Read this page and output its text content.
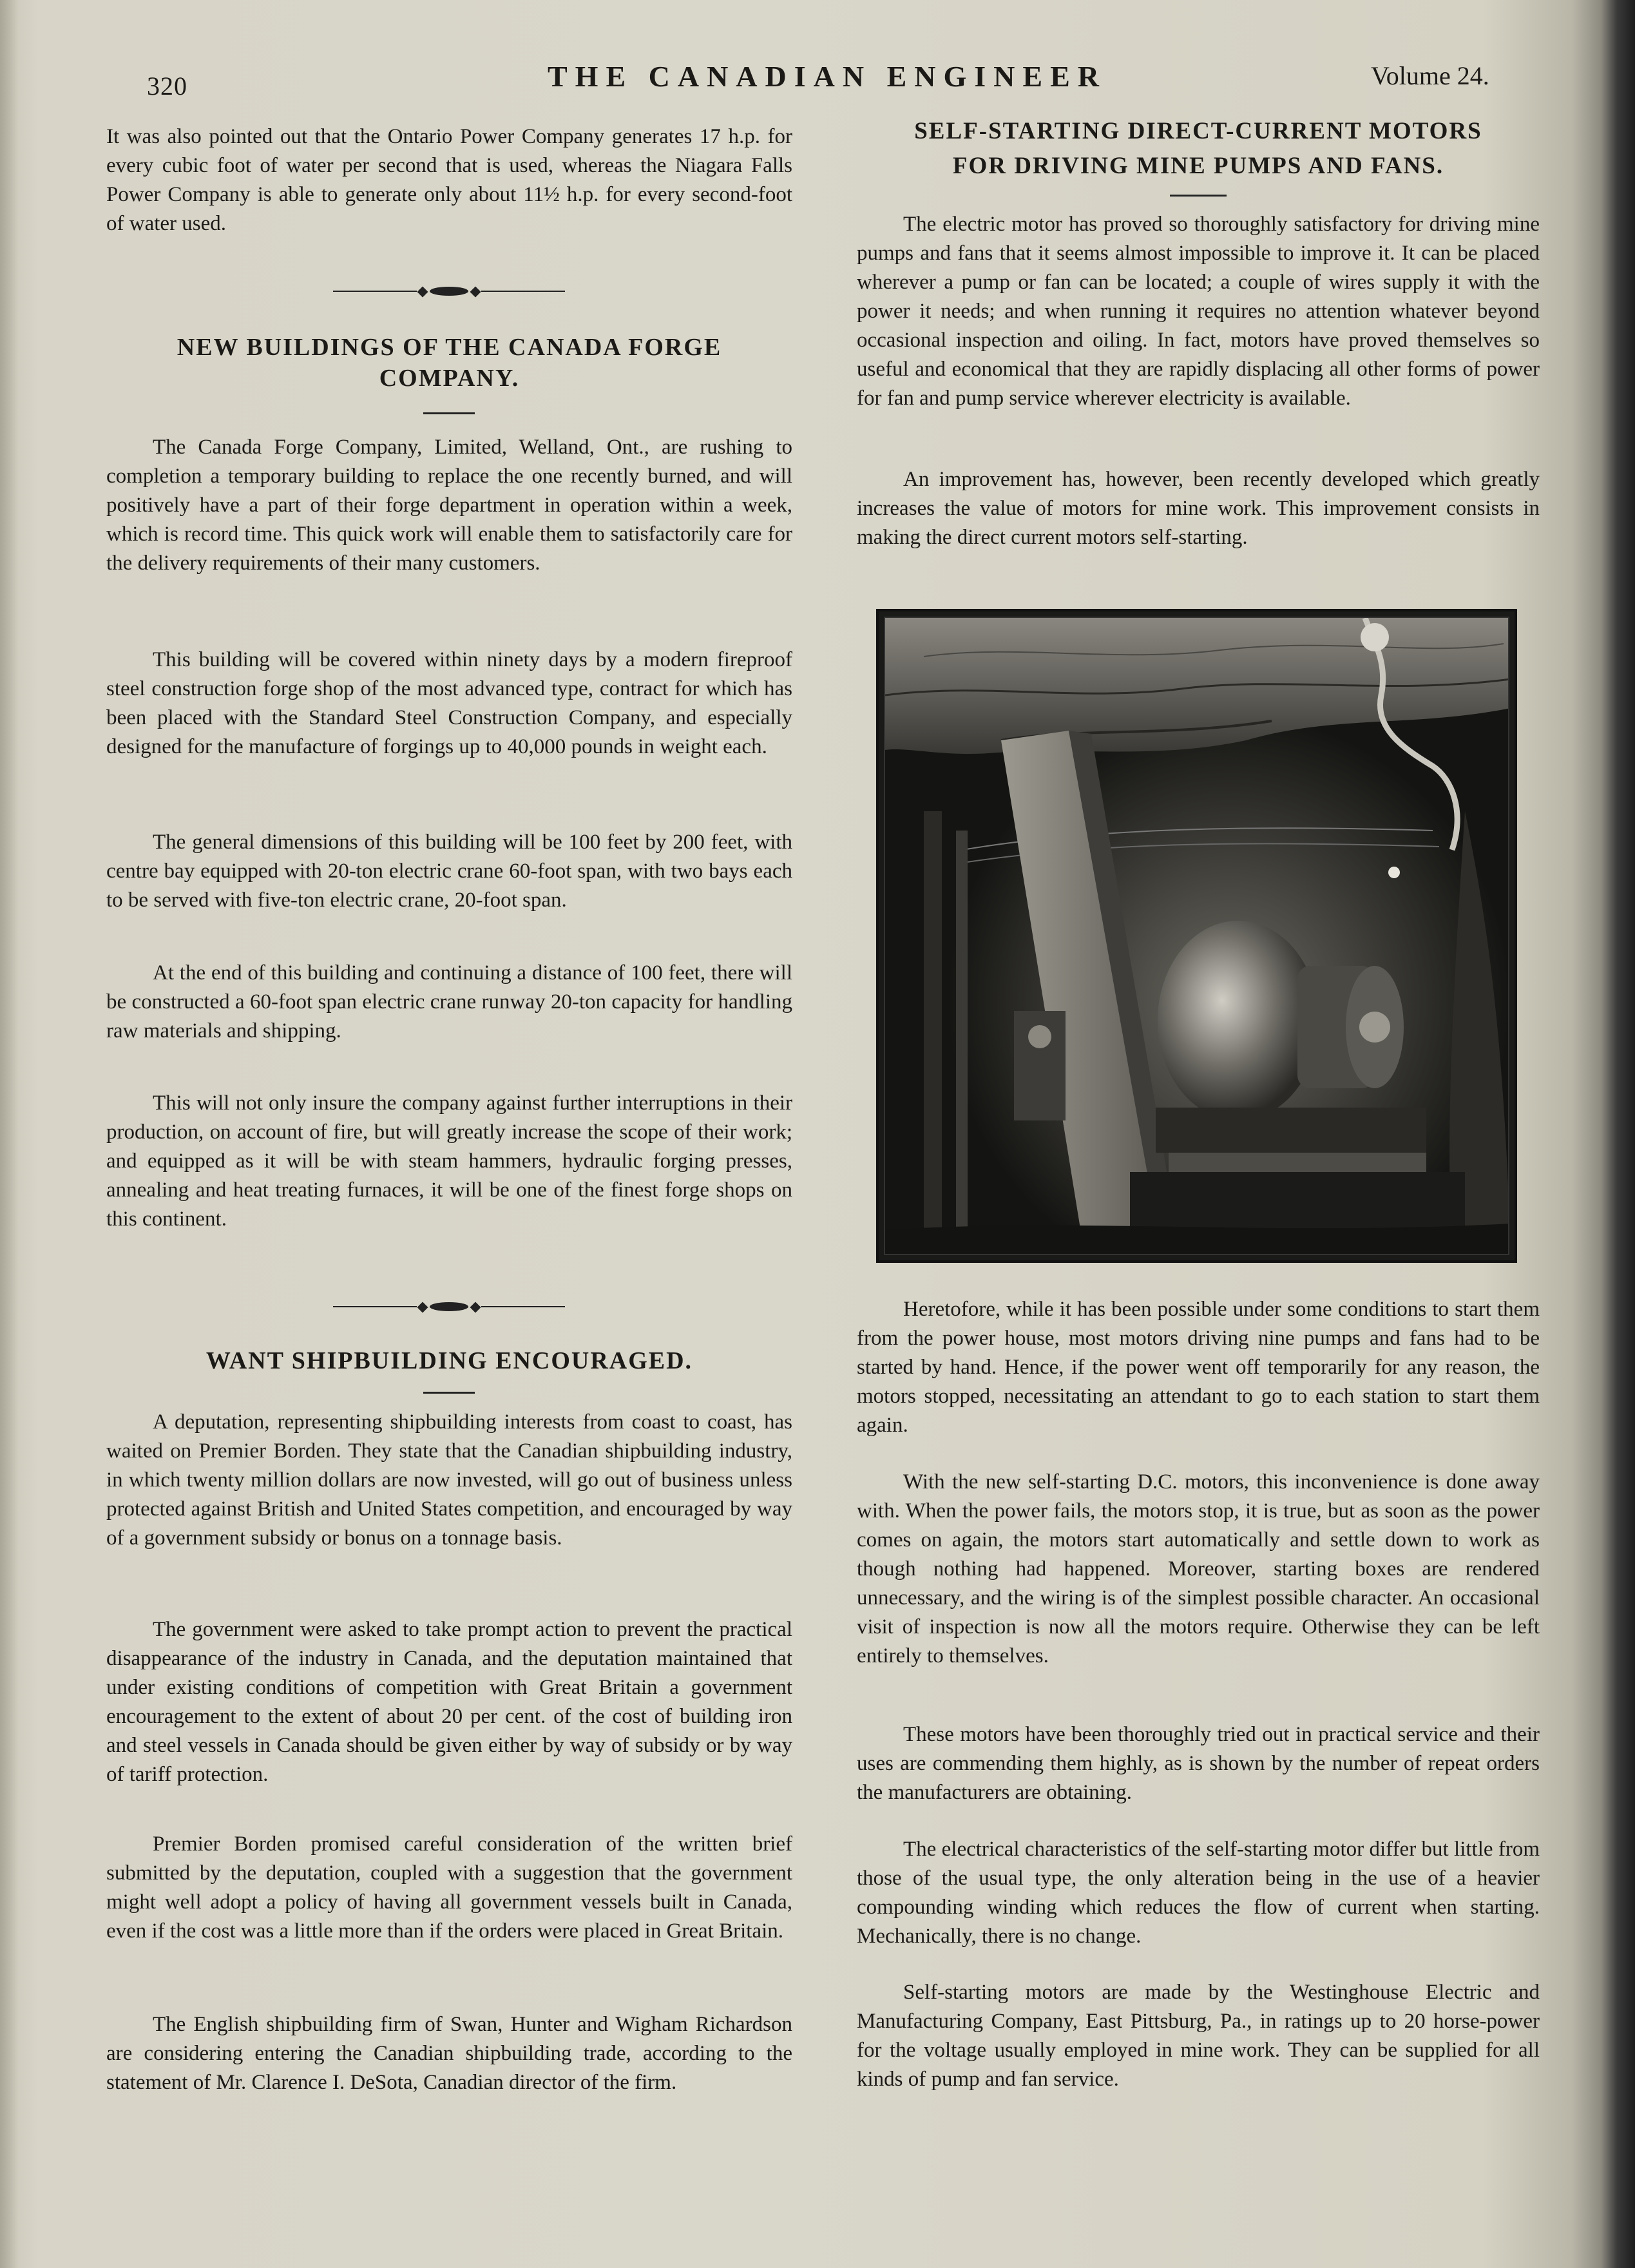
320	THE CANADIAN ENGINEER	Volume 24.

It was also pointed out that the Ontario Power Company generates 17 h.p. for every cubic foot of water per second that is used, whereas the Niagara Falls Power Company is able to generate only about 11½ h.p. for every second-foot of water used.

NEW BUILDINGS OF THE CANADA FORGE COMPANY.

The Canada Forge Company, Limited, Welland, Ont., are rushing to completion a temporary building to replace the one recently burned, and will positively have a part of their forge department in operation within a week, which is record time. This quick work will enable them to satisfactorily care for the delivery requirements of their many customers.

This building will be covered within ninety days by a modern fireproof steel construction forge shop of the most advanced type, contract for which has been placed with the Standard Steel Construction Company, and especially designed for the manufacture of forgings up to 40,000 pounds in weight each.

The general dimensions of this building will be 100 feet by 200 feet, with centre bay equipped with 20-ton electric crane 60-foot span, with two bays each to be served with five-ton electric crane, 20-foot span.

At the end of this building and continuing a distance of 100 feet, there will be constructed a 60-foot span electric crane runway 20-ton capacity for handling raw materials and shipping.

This will not only insure the company against further interruptions in their production, on account of fire, but will greatly increase the scope of their work; and equipped as it will be with steam hammers, hydraulic forging presses, annealing and heat treating furnaces, it will be one of the finest forge shops on this continent.

WANT SHIPBUILDING ENCOURAGED.

A deputation, representing shipbuilding interests from coast to coast, has waited on Premier Borden. They state that the Canadian shipbuilding industry, in which twenty million dollars are now invested, will go out of business unless protected against British and United States competition, and encouraged by way of a government subsidy or bonus on a tonnage basis.

The government were asked to take prompt action to prevent the practical disappearance of the industry in Canada, and the deputation maintained that under existing conditions of competition with Great Britain a government encouragement to the extent of about 20 per cent. of the cost of building iron and steel vessels in Canada should be given either by way of subsidy or by way of tariff protection.

Premier Borden promised careful consideration of the written brief submitted by the deputation, coupled with a suggestion that the government might well adopt a policy of having all government vessels built in Canada, even if the cost was a little more than if the orders were placed in Great Britain.

The English shipbuilding firm of Swan, Hunter and Wigham Richardson are considering entering the Canadian shipbuilding trade, according to the statement of Mr. Clarence I. DeSota, Canadian director of the firm.

SELF-STARTING DIRECT-CURRENT MOTORS
FOR DRIVING MINE PUMPS AND FANS.

The electric motor has proved so thoroughly satisfactory for driving mine pumps and fans that it seems almost impossible to improve it. It can be placed wherever a pump or fan can be located; a couple of wires supply it with the power it needs; and when running it requires no attention whatever beyond occasional inspection and oiling. In fact, motors have proved themselves so useful and economical that they are rapidly displacing all other forms of power for fan and pump service wherever electricity is available.

An improvement has, however, been recently developed which greatly increases the value of motors for mine work. This improvement consists in making the direct current motors self-starting.

Heretofore, while it has been possible under some conditions to start them from the power house, most motors driving nine pumps and fans had to be started by hand. Hence, if the power went off temporarily for any reason, the motors stopped, necessitating an attendant to go to each station to start them again.

With the new self-starting D.C. motors, this inconvenience is done away with. When the power fails, the motors stop, it is true, but as soon as the power comes on again, the motors start automatically and settle down to work as though nothing had happened. Moreover, starting boxes are rendered unnecessary, and the wiring is of the simplest possible character. An occasional visit of inspection is now all the motors require. Otherwise they can be left entirely to themselves.

These motors have been thoroughly tried out in practical service and their uses are commending them highly, as is shown by the number of repeat orders the manufacturers are obtaining.

The electrical characteristics of the self-starting motor differ but little from those of the usual type, the only alteration being in the use of a heavier compounding winding which reduces the flow of current when starting. Mechanically, there is no change.

Self-starting motors are made by the Westinghouse Electric and Manufacturing Company, East Pittsburg, Pa., in ratings up to 20 horse-power for the voltage usually employed in mine work. They can be supplied for all kinds of pump and fan service.
